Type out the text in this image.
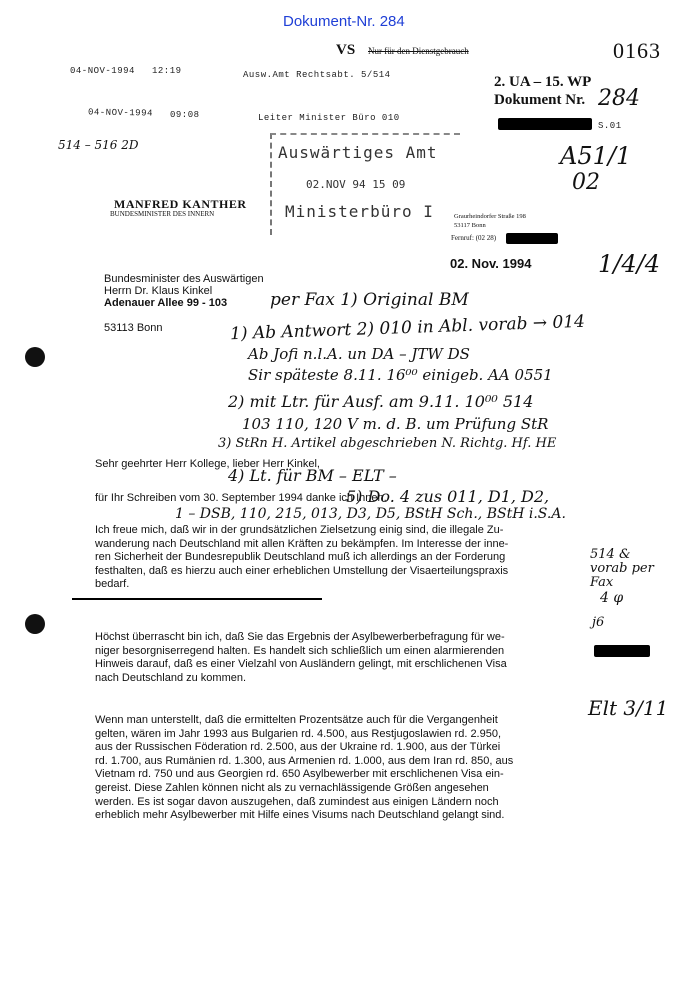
Dokument-Nr. 284
VS Nur für den Dienstgebrauch	0163
2. UA – 15. WP
Dokument Nr. 284
S.01
04-NOV-1994 12:19	Ausw.Amt Rechtsabt. 5/514
04-NOV-1994 09:08	Leiter Minister Büro 010
514 – 516 2D	Auswärtiges Amt
02.NOV 94 15 09
Ministerbüro I
A51/1
02
1/4/4
MANFRED KANTHER
BUNDESMINISTER DES INNERN	Graurheindorfer Straße 198
53117 Bonn
Fernruf: (02 28)
02. Nov. 1994
Bundesminister des Auswärtigen
Herrn Dr. Klaus Kinkel
Adenauer Allee 99 - 103
53113 Bonn
per Fax 1) Original BM
1) Ab Antwort 2) 010 in Abl. vorab → 014
Ab Jofi n.l.A. un DA – JTW DS
Sir späteste 8.11. 16⁰⁰ einigeb. AA 0551
2) mit Ltr. für Ausf. am 9.11. 10⁰⁰ 514
103 110, 120 V m. d. B. um Prüfung StR
3) StRn H. Artikel abgeschrieben N. Richtg. Hf. HE
4) Lt. für BM – ELT –
5) Do. 4 zus 011, D1, D2,
1 – DSB, 110, 215, 013, D3, D5, BStH Sch., BStH i.S.A.
Sehr geehrter Herr Kollege, lieber Herr Kinkel,
für Ihr Schreiben vom 30. September 1994 danke ich Ihnen.
Ich freue mich, daß wir in der grundsätzlichen Zielsetzung einig sind, die illegale Zu-
wanderung nach Deutschland mit allen Kräften zu bekämpfen. Im Interesse der inne-
ren Sicherheit der Bundesrepublik Deutschland muß ich allerdings an der Forderung
festhalten, daß es hierzu auch einer erheblichen Umstellung der Visaerteilungspraxis
bedarf.
514 & vorab per Fax
4 φ
j6
Höchst überrascht bin ich, daß Sie das Ergebnis der Asylbewerberbefragung für we-
niger besorgniserregend halten. Es handelt sich schließlich um einen alarmierenden
Hinweis darauf, daß es einer Vielzahl von Ausländern gelingt, mit erschlichenen Visa
nach Deutschland zu kommen.
Elt 3/11
Wenn man unterstellt, daß die ermittelten Prozentsätze auch für die Vergangenheit
gelten, wären im Jahr 1993 aus Bulgarien rd. 4.500, aus Restjugoslawien rd. 2.950,
aus der Russischen Föderation rd. 2.500, aus der Ukraine rd. 1.900, aus der Türkei
rd. 1.700, aus Rumänien rd. 1.300, aus Armenien rd. 1.000, aus dem Iran rd. 850, aus
Vietnam rd. 750 und aus Georgien rd. 650 Asylbewerber mit erschlichenen Visa ein-
gereist. Diese Zahlen können nicht als zu vernachlässigende Größen angesehen
werden. Es ist sogar davon auszugehen, daß zumindest aus einigen Ländern noch
erheblich mehr Asylbewerber mit Hilfe eines Visums nach Deutschland gelangt sind.
